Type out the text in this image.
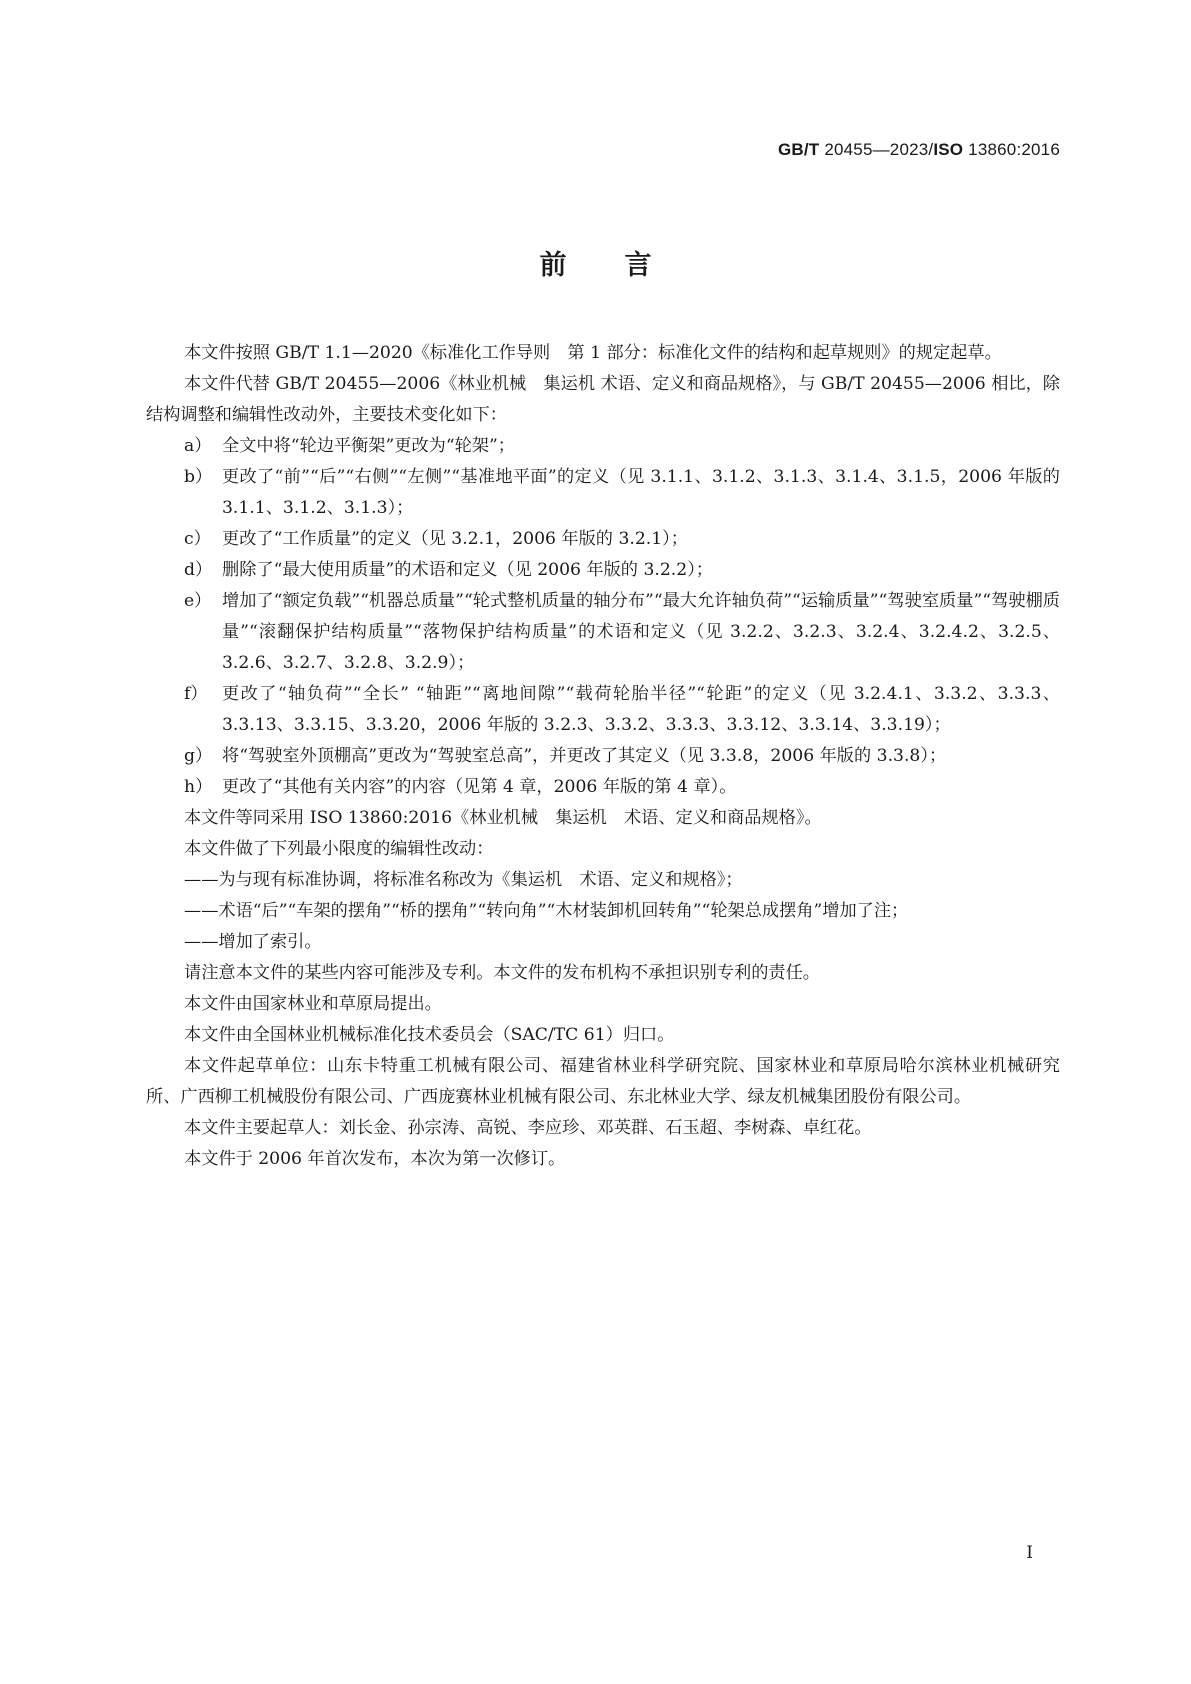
GB/T 20455—2023/ISO 13860:2016
前言

本文件按照 GB/T 1.1—2020《标准化工作导则　第 1 部分：标准化文件的结构和起草规则》的规定起草。

本文件代替 GB/T 20455—2006《林业机械　集运机 术语、定义和商品规格》，与 GB/T 20455—2006 相比，除结构调整和编辑性改动外，主要技术变化如下：

a） 全文中将“轮边平衡架”更改为“轮架”；
b） 更改了“前”“后”“右侧”“左侧”“基准地平面”的定义（见 3.1.1、3.1.2、3.1.3、3.1.4、3.1.5，2006 年版的 3.1.1、3.1.2、3.1.3）；
c） 更改了“工作质量”的定义（见 3.2.1，2006 年版的 3.2.1）；
d） 删除了“最大使用质量”的术语和定义（见 2006 年版的 3.2.2）；
e） 增加了“额定负载”“机器总质量”“轮式整机质量的轴分布”“最大允许轴负荷”“运输质量”“驾驶室质量”“驾驶棚质量”“滚翻保护结构质量”“落物保护结构质量”的术语和定义（见 3.2.2、3.2.3、3.2.4、3.2.4.2、3.2.5、3.2.6、3.2.7、3.2.8、3.2.9）；
f） 更改了“轴负荷”“全长” “轴距”“离地间隙”“载荷轮胎半径”“轮距”的定义（见 3.2.4.1、3.3.2、3.3.3、3.3.13、3.3.15、3.3.20，2006 年版的 3.2.3、3.3.2、3.3.3、3.3.12、3.3.14、3.3.19）；
g） 将“驾驶室外顶棚高”更改为“驾驶室总高”，并更改了其定义（见 3.3.8，2006 年版的 3.3.8）；
h） 更改了“其他有关内容”的内容（见第 4 章，2006 年版的第 4 章）。

本文件等同采用 ISO 13860:2016《林业机械　集运机　术语、定义和商品规格》。

本文件做了下列最小限度的编辑性改动：

——为与现有标准协调，将标准名称改为《集运机　术语、定义和规格》；

——术语“后”“车架的摆角”“桥的摆角”“转向角”“木材装卸机回转角”“轮架总成摆角”增加了注；

——增加了索引。

请注意本文件的某些内容可能涉及专利。本文件的发布机构不承担识别专利的责任。

本文件由国家林业和草原局提出。

本文件由全国林业机械标准化技术委员会（SAC/TC 61）归口。

本文件起草单位：山东卡特重工机械有限公司、福建省林业科学研究院、国家林业和草原局哈尔滨林业机械研究所、广西柳工机械股份有限公司、广西庞赛林业机械有限公司、东北林业大学、绿友机械集团股份有限公司。

本文件主要起草人：刘长金、孙宗涛、高锐、李应珍、邓英群、石玉超、李树森、卓红花。

本文件于 2006 年首次发布，本次为第一次修订。

I
